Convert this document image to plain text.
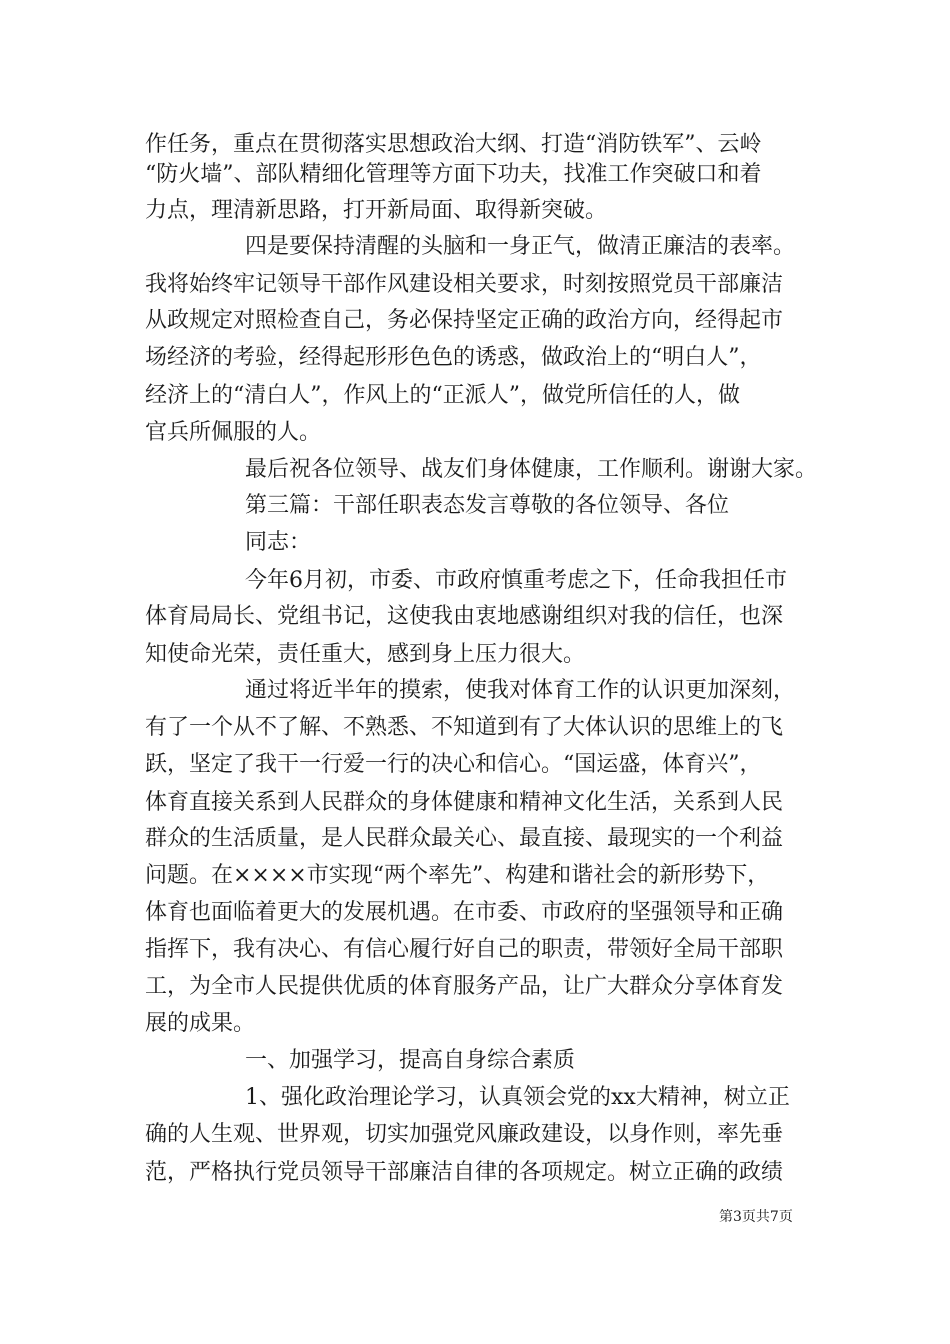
作任务，重点在贯彻落实思想政治大纲、打造“消防铁军”、云岭
“防火墙”、部队精细化管理等方面下功夫，找准工作突破口和着
力点，理清新思路，打开新局面、取得新突破。
四是要保持清醒的头脑和一身正气，做清正廉洁的表率。
我将始终牢记领导干部作风建设相关要求，时刻按照党员干部廉洁
从政规定对照检查自己，务必保持坚定正确的政治方向，经得起市
场经济的考验，经得起形形色色的诱惑，做政治上的“明白人”，
经济上的“清白人”，作风上的“正派人”，做党所信任的人，做
官兵所佩服的人。
最后祝各位领导、战友们身体健康，工作顺利。谢谢大家。
第三篇：干部任职表态发言尊敬的各位领导、各位
同志：
今年6月初，市委、市政府慎重考虑之下，任命我担任市
体育局局长、党组书记，这使我由衷地感谢组织对我的信任，也深
知使命光荣，责任重大，感到身上压力很大。
通过将近半年的摸索，使我对体育工作的认识更加深刻，
有了一个从不了解、不熟悉、不知道到有了大体认识的思维上的飞
跃，坚定了我干一行爱一行的决心和信心。“国运盛，体育兴”，
体育直接关系到人民群众的身体健康和精神文化生活，关系到人民
群众的生活质量，是人民群众最关心、最直接、最现实的一个利益
问题。在××××市实现“两个率先”、构建和谐社会的新形势下，
体育也面临着更大的发展机遇。在市委、市政府的坚强领导和正确
指挥下，我有决心、有信心履行好自己的职责，带领好全局干部职
工，为全市人民提供优质的体育服务产品，让广大群众分享体育发
展的成果。
一、加强学习，提高自身综合素质
1、强化政治理论学习，认真领会党的xx大精神，树立正
确的人生观、世界观，切实加强党风廉政建设，以身作则，率先垂
范，严格执行党员领导干部廉洁自律的各项规定。树立正确的政绩
第3页共7页
